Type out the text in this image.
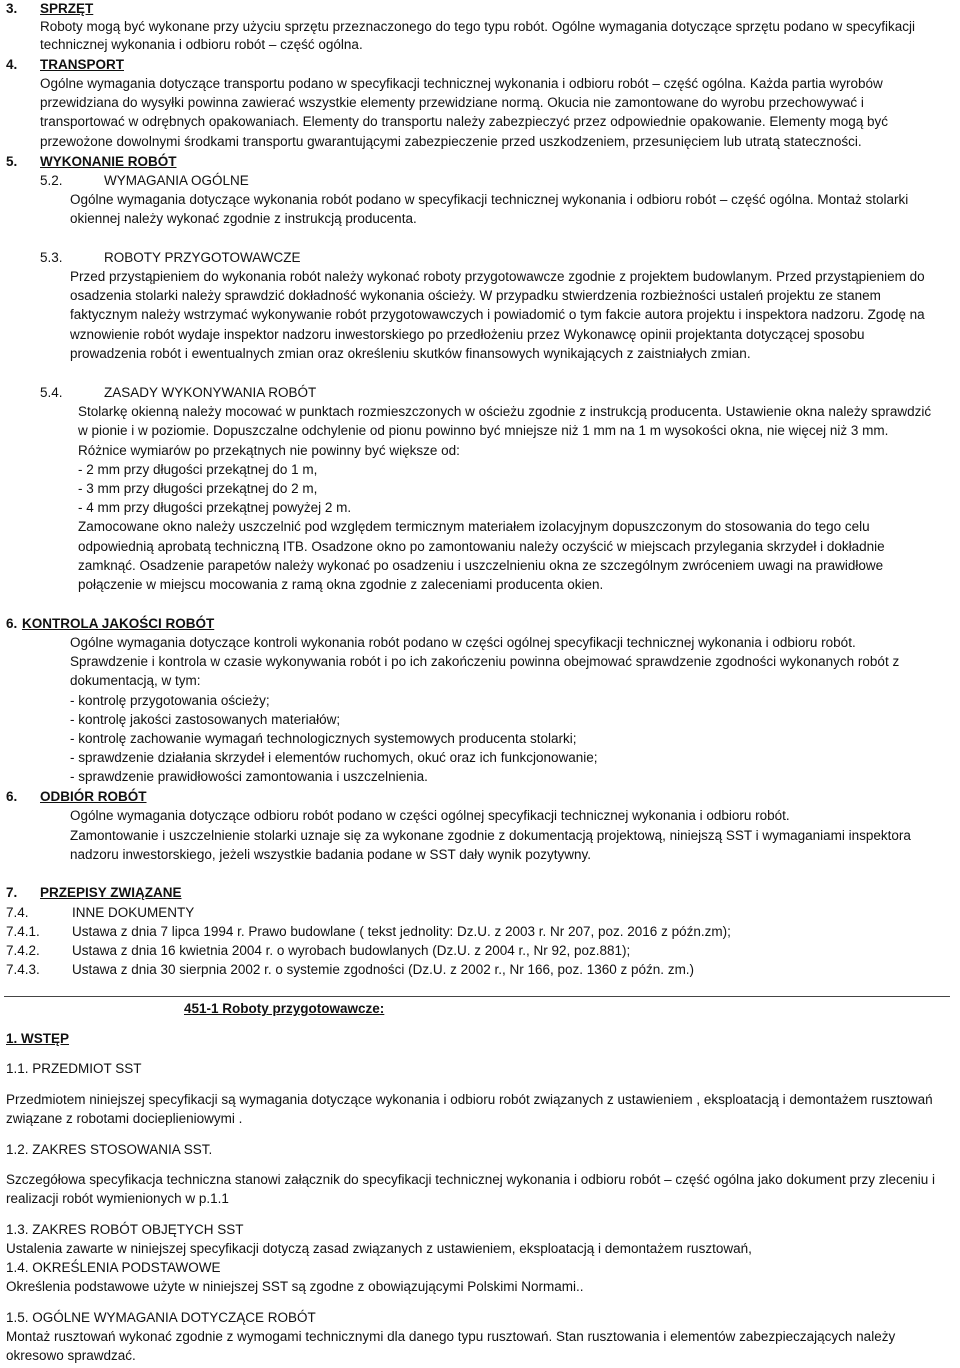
3. SPRZĘT
Roboty mogą być wykonane przy użyciu sprzętu przeznaczonego do tego typu robót. Ogólne wymagania dotyczące sprzętu podano w specyfikacji
technicznej wykonania i odbioru robót – część ogólna.
4. TRANSPORT
Ogólne wymagania dotyczące transportu podano w specyfikacji technicznej wykonania i odbioru robót – część ogólna. Każda partia wyrobów
przewidziana do wysyłki powinna zawierać wszystkie elementy przewidziane normą. Okucia nie zamontowane do wyrobu przechowywać i
transportować w odrębnych opakowaniach. Elementy do transportu należy zabezpieczyć przez odpowiednie opakowanie. Elementy mogą być
przewożone dowolnymi środkami transportu gwarantującymi zabezpieczenie przed uszkodzeniem, przesunięciem lub utratą stateczności.
5. WYKONANIE ROBÓT
5.2.	WYMAGANIA OGÓLNE
Ogólne wymagania dotyczące wykonania robót podano w specyfikacji technicznej wykonania i odbioru robót – część ogólna. Montaż stolarki
okiennej należy wykonać zgodnie z instrukcją producenta.
5.3.	ROBOTY PRZYGOTOWAWCZE
Przed przystąpieniem do wykonania robót należy wykonać roboty przygotowawcze zgodnie z projektem budowlanym. Przed przystąpieniem do
osadzenia stolarki należy sprawdzić dokładność wykonania ościeży. W przypadku stwierdzenia rozbieżności ustaleń projektu ze stanem
faktycznym należy wstrzymać wykonywanie robót przygotowawczych i powiadomić o tym fakcie autora projektu i inspektora nadzoru. Zgodę na
wznowienie robót wydaje inspektor nadzoru inwestorskiego po przedłożeniu przez Wykonawcę opinii projektanta dotyczącej sposobu
prowadzenia robót i ewentualnych zmian oraz określeniu skutków finansowych wynikających z zaistniałych zmian.
5.4.	ZASADY WYKONYWANIA ROBÓT
Stolarkę okienną należy mocować w punktach rozmieszczonych w ościeżu zgodnie z instrukcją producenta. Ustawienie okna należy sprawdzić
w pionie i w poziomie. Dopuszczalne odchylenie od pionu powinno być mniejsze niż 1 mm na 1 m wysokości okna, nie więcej niż 3 mm.
Różnice wymiarów po przekątnych nie powinny być większe od:
- 2 mm przy długości przekątnej do 1 m,
- 3 mm przy długości przekątnej do 2 m,
- 4 mm przy długości przekątnej powyżej 2 m.
Zamocowane okno należy uszczelnić pod względem termicznym materiałem izolacyjnym dopuszczonym do stosowania do tego celu
odpowiednią aprobatą techniczną ITB. Osadzone okno po zamontowaniu należy oczyścić w miejscach przylegania skrzydeł i dokładnie
zamknąć. Osadzenie parapetów należy wykonać po osadzeniu i uszczelnieniu okna ze szczególnym zwróceniem uwagi na prawidłowe
połączenie w miejscu mocowania z ramą okna zgodnie z zaleceniami producenta okien.
6. KONTROLA JAKOŚCI ROBÓT
Ogólne wymagania dotyczące kontroli wykonania robót podano w części ogólnej specyfikacji technicznej wykonania i odbioru robót.
Sprawdzenie i kontrola w czasie wykonywania robót i po ich zakończeniu powinna obejmować sprawdzenie zgodności wykonanych robót z
dokumentacją, w tym:
- kontrolę przygotowania ościeży;
- kontrolę jakości zastosowanych materiałów;
- kontrolę zachowanie wymagań technologicznych systemowych producenta stolarki;
- sprawdzenie działania skrzydeł i elementów ruchomych, okuć oraz ich funkcjonowanie;
- sprawdzenie prawidłowości zamontowania i uszczelnienia.
6. ODBIÓR ROBÓT
Ogólne wymagania dotyczące odbioru robót podano w części ogólnej specyfikacji technicznej wykonania i odbioru robót.
Zamontowanie i uszczelnienie stolarki uznaje się za wykonane zgodnie z dokumentacją projektową, niniejszą SST i wymaganiami inspektora
nadzoru inwestorskiego, jeżeli wszystkie badania podane w SST dały wynik pozytywny.
7. PRZEPISY ZWIĄZANE
7.4.	INNE DOKUMENTY
7.4.1. Ustawa z dnia 7 lipca 1994 r. Prawo budowlane ( tekst jednolity: Dz.U. z 2003 r. Nr 207, poz. 2016 z późn.zm);
7.4.2. Ustawa z dnia 16 kwietnia 2004 r. o wyrobach budowlanych (Dz.U. z 2004 r., Nr 92, poz.881);
7.4.3. Ustawa z dnia 30 sierpnia 2002 r. o systemie zgodności (Dz.U. z 2002 r., Nr 166, poz. 1360 z późn. zm.)
451-1 Roboty przygotowawcze:
1. WSTĘP
1.1. PRZEDMIOT SST
Przedmiotem niniejszej specyfikacji są wymagania dotyczące wykonania i odbioru robót związanych z ustawieniem , eksploatacją i demontażem rusztowań
związane z robotami docieplieniowymi .
1.2. ZAKRES STOSOWANIA SST.
Szczegółowa specyfikacja techniczna stanowi załącznik do specyfikacji technicznej wykonania i odbioru robót – część ogólna jako dokument przy zleceniu i
realizacji robót wymienionych w p.1.1
1.3. ZAKRES ROBÓT OBJĘTYCH SST
Ustalenia zawarte w niniejszej specyfikacji dotyczą zasad związanych z ustawieniem, eksploatacją i demontażem rusztowań,
1.4. OKREŚLENIA PODSTAWOWE
Określenia podstawowe użyte w niniejszej SST są zgodne z obowiązującymi Polskimi Normami..
1.5. OGÓLNE WYMAGANIA DOTYCZĄCE ROBÓT
Montaż rusztowań wykonać zgodnie z wymogami technicznymi dla danego typu rusztowań. Stan rusztowania i elementów zabezpieczających należy
okresowo sprawdzać.
